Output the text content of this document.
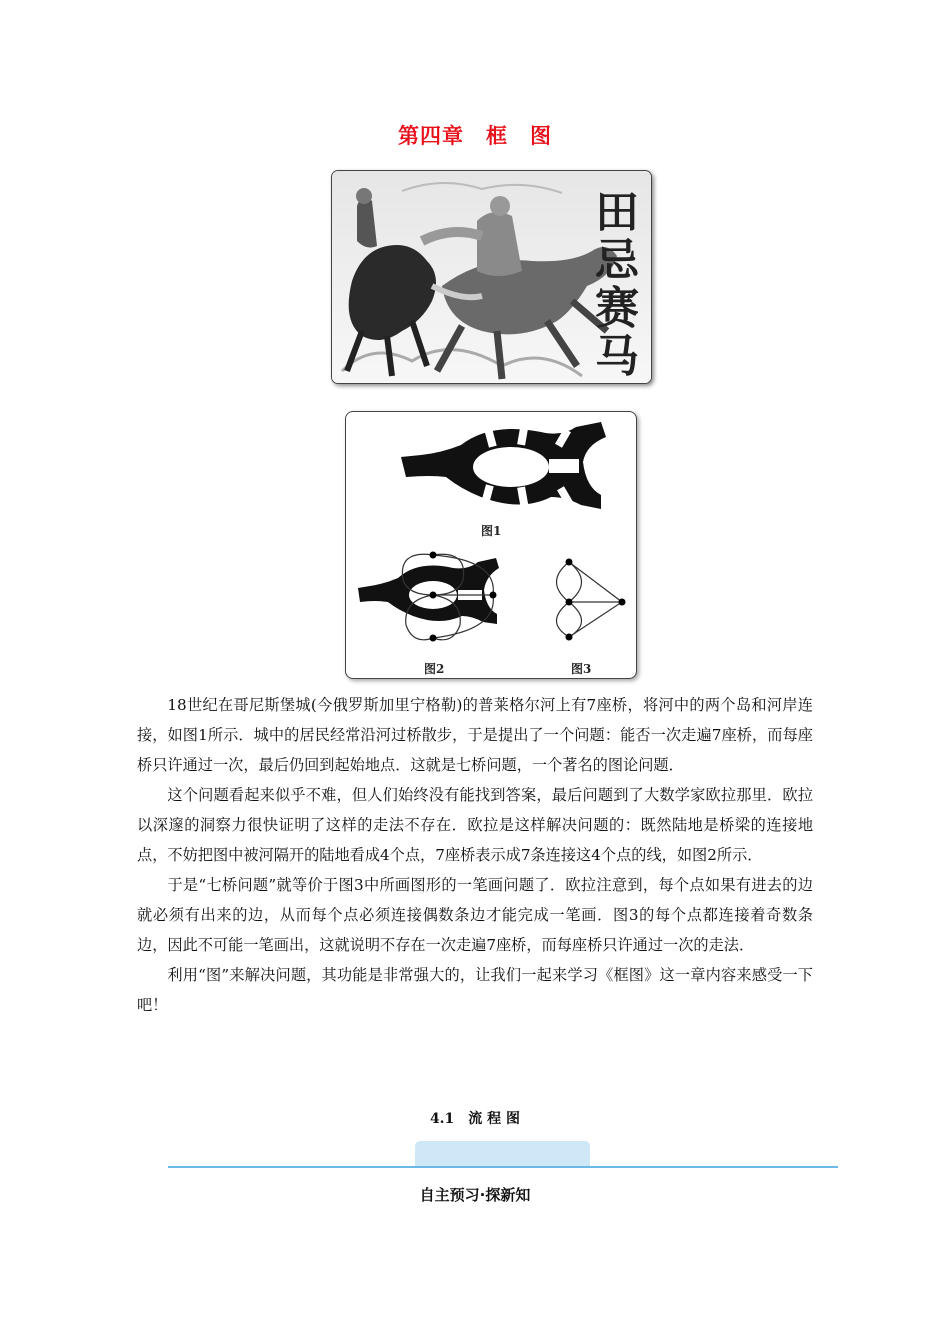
第四章　框　图
田
忌
赛
马
图1
图2	图3

18世纪在哥尼斯堡城(今俄罗斯加里宁格勒)的普莱格尔河上有7座桥，将河中的两个岛和河岸连接，如图1所示．城中的居民经常沿河过桥散步，于是提出了一个问题：能否一次走遍7座桥，而每座桥只许通过一次，最后仍回到起始地点．这就是七桥问题，一个著名的图论问题．

这个问题看起来似乎不难，但人们始终没有能找到答案，最后问题到了大数学家欧拉那里．欧拉以深邃的洞察力很快证明了这样的走法不存在．欧拉是这样解决问题的：既然陆地是桥梁的连接地点，不妨把图中被河隔开的陆地看成4个点，7座桥表示成7条连接这4个点的线，如图2所示．

于是“七桥问题”就等价于图3中所画图形的一笔画问题了．欧拉注意到，每个点如果有进去的边就必须有出来的边，从而每个点必须连接偶数条边才能完成一笔画．图3的每个点都连接着奇数条边，因此不可能一笔画出，这就说明不存在一次走遍7座桥，而每座桥只许通过一次的走法．

利用“图”来解决问题，其功能是非常强大的，让我们一起来学习《框图》这一章内容来感受一下吧！

4.1　流 程 图
自主预习·探新知
